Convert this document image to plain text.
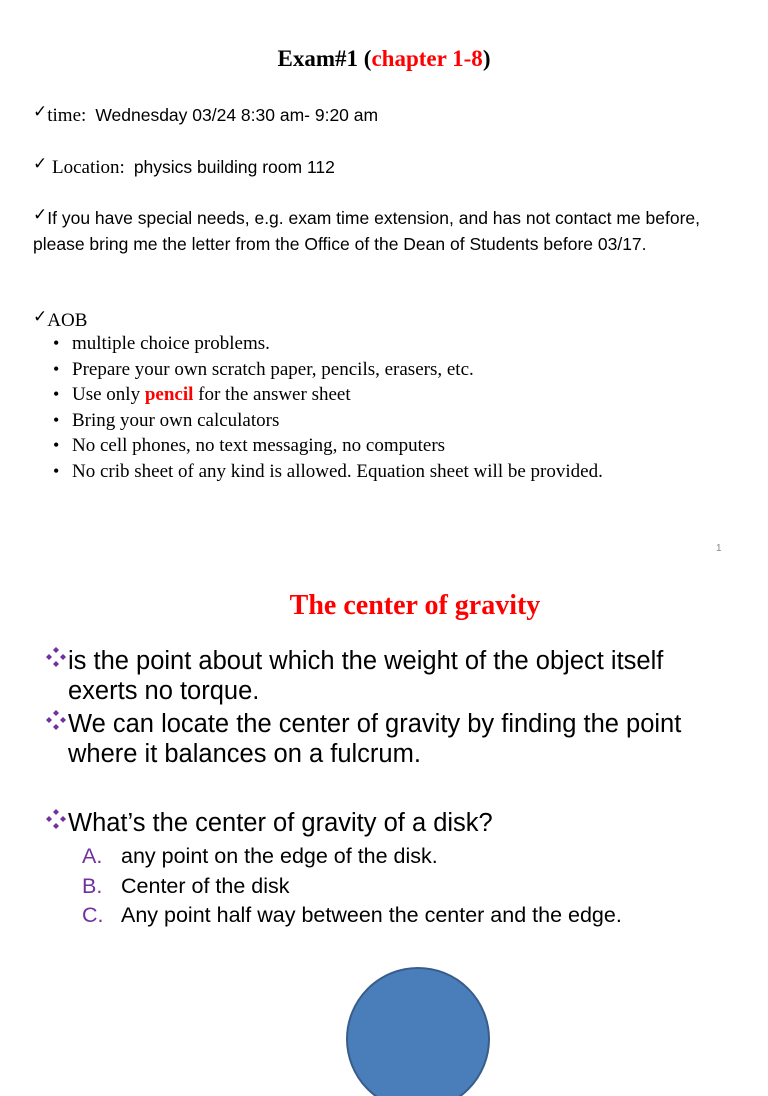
Exam#1 (chapter 1-8)
✓time: Wednesday 03/24 8:30 am- 9:20 am
✓ Location: physics building room 112
✓If you have special needs, e.g. exam time extension, and has not contact me before, please bring me the letter from the Office of the Dean of Students before 03/17.
✓AOB
• multiple choice problems.
• Prepare your own scratch paper, pencils, erasers, etc.
• Use only pencil for the answer sheet
• Bring your own calculators
• No cell phones, no text messaging, no computers
• No crib sheet of any kind is allowed. Equation sheet will be provided.
1
The center of gravity
is the point about which the weight of the object itself
exerts no torque.
We can locate the center of gravity by finding the point
where it balances on a fulcrum.
What’s the center of gravity of a disk?
A. any point on the edge of the disk.
B. Center of the disk
C. Any point half way between the center and the edge.
